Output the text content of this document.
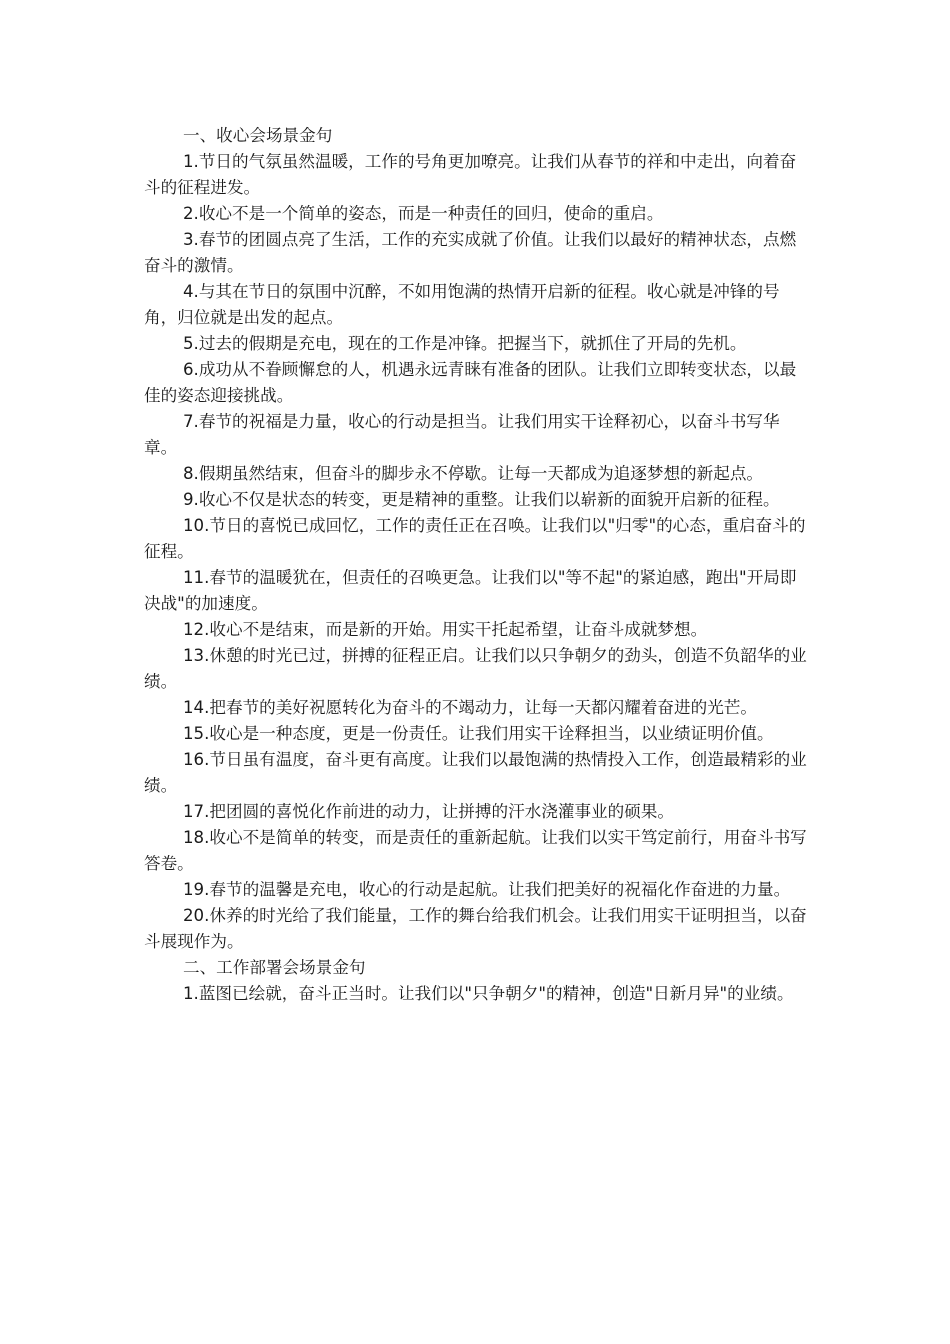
一、收心会场景金句

1.节日的气氛虽然温暖，工作的号角更加嘹亮。让我们从春节的祥和中走出，向着奋斗的征程进发。

2.收心不是一个简单的姿态，而是一种责任的回归，使命的重启。

3.春节的团圆点亮了生活，工作的充实成就了价值。让我们以最好的精神状态，点燃奋斗的激情。

4.与其在节日的氛围中沉醉，不如用饱满的热情开启新的征程。收心就是冲锋的号角，归位就是出发的起点。

5.过去的假期是充电，现在的工作是冲锋。把握当下，就抓住了开局的先机。

6.成功从不眷顾懈怠的人，机遇永远青睐有准备的团队。让我们立即转变状态，以最佳的姿态迎接挑战。

7.春节的祝福是力量，收心的行动是担当。让我们用实干诠释初心，以奋斗书写华章。

8.假期虽然结束，但奋斗的脚步永不停歇。让每一天都成为追逐梦想的新起点。

9.收心不仅是状态的转变，更是精神的重整。让我们以崭新的面貌开启新的征程。

10.节日的喜悦已成回忆，工作的责任正在召唤。让我们以"归零"的心态，重启奋斗的征程。

11.春节的温暖犹在，但责任的召唤更急。让我们以"等不起"的紧迫感，跑出"开局即决战"的加速度。

12.收心不是结束，而是新的开始。用实干托起希望，让奋斗成就梦想。

13.休憩的时光已过，拼搏的征程正启。让我们以只争朝夕的劲头，创造不负韶华的业绩。

14.把春节的美好祝愿转化为奋斗的不竭动力，让每一天都闪耀着奋进的光芒。

15.收心是一种态度，更是一份责任。让我们用实干诠释担当，以业绩证明价值。

16.节日虽有温度，奋斗更有高度。让我们以最饱满的热情投入工作，创造最精彩的业绩。

17.把团圆的喜悦化作前进的动力，让拼搏的汗水浇灌事业的硕果。

18.收心不是简单的转变，而是责任的重新起航。让我们以实干笃定前行，用奋斗书写答卷。

19.春节的温馨是充电，收心的行动是起航。让我们把美好的祝福化作奋进的力量。

20.休养的时光给了我们能量，工作的舞台给我们机会。让我们用实干证明担当，以奋斗展现作为。

二、工作部署会场景金句

1.蓝图已绘就，奋斗正当时。让我们以"只争朝夕"的精神，创造"日新月异"的业绩。
